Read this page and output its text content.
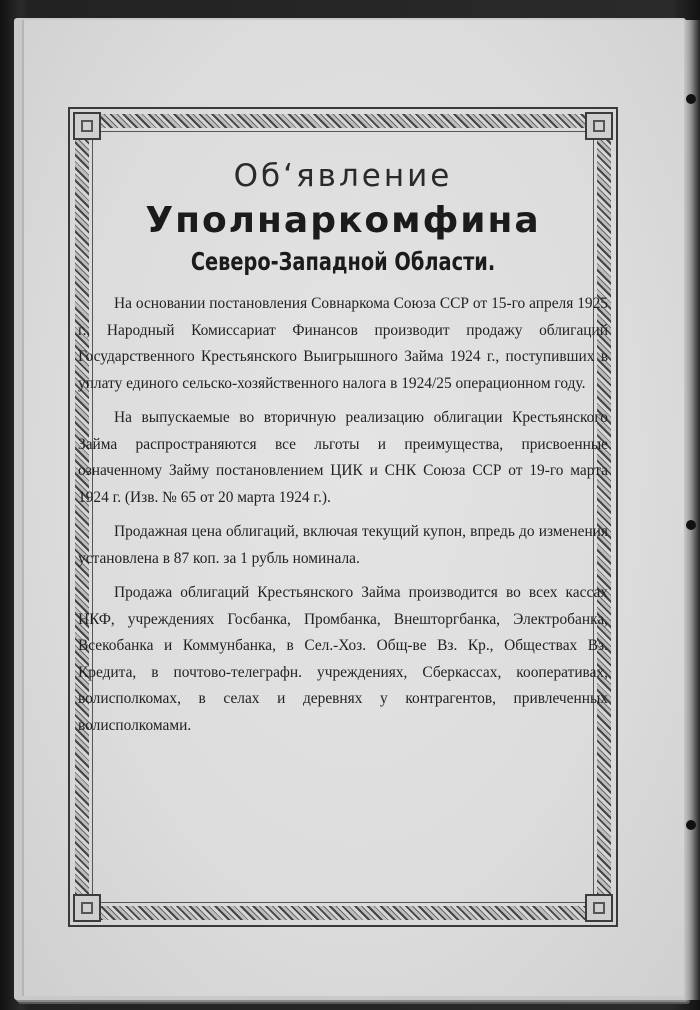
Об‘явление
Уполнаркомфина
Северо-Западной Области.

На основании постановления Совнаркома Союза ССР от 15-го апреля 1925 г., Народный Комиссариат Финансов производит продажу облигаций Государственного Крестьянского Выигрышного Займа 1924 г., поступивших в уплату единого сельско-хозяйственного налога в 1924/25 операционном году.

На выпускаемые во вторичную реализацию облигации Крестьянского Займа распространяются все льготы и преимущества, присвоенные означенному Займу постановлением ЦИК и СНК Союза ССР от 19-го марта 1924 г. (Изв. № 65 от 20 марта 1924 г.).

Продажная цена облигаций, включая текущий купон, впредь до изменения установлена в 87 коп. за 1 рубль номинала.

Продажа облигаций Крестьянского Займа производится во всех кассах НКФ, учреждениях Госбанка, Промбанка, Внешторгбанка, Электробанка, Всекобанка и Коммунбанка, в Сел.-Хоз. Общ-ве Вз. Кр., Обществах Вз. Кредита, в почтово-телеграфн. учреждениях, Сберкассах, кооперативах, волисполкомах, в селах и деревнях у контрагентов, привлеченных волисполкомами.
